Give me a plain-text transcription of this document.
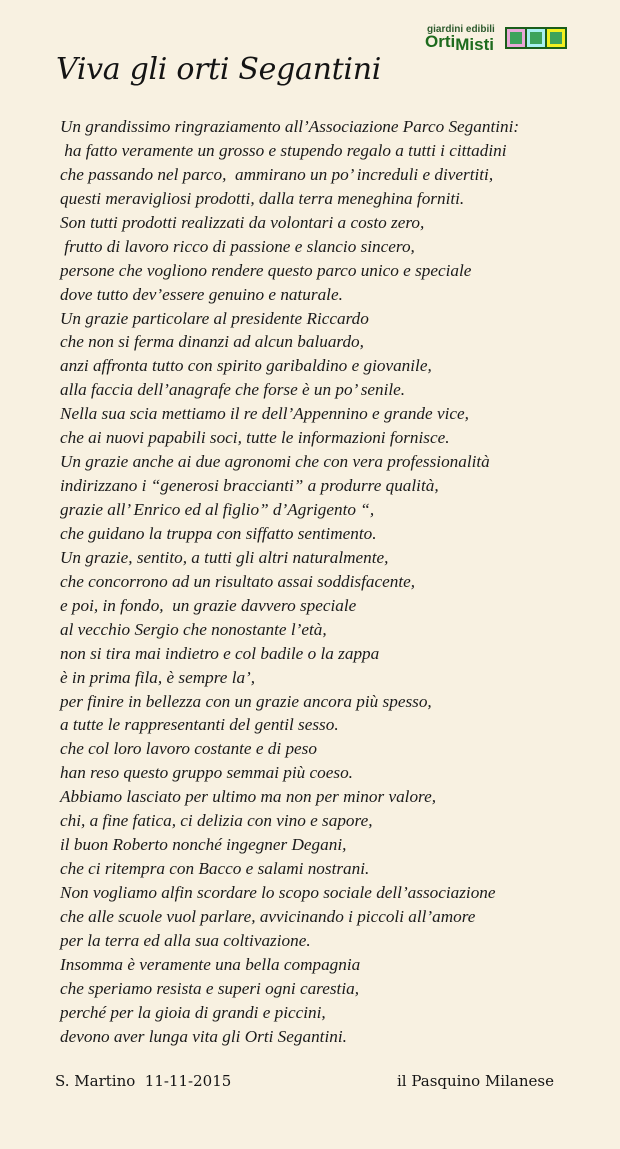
giardini edibili
OrtiMisti
Viva gli orti Segantini
Un grandissimo ringraziamento all’Associazione Parco Segantini:
ha fatto veramente un grosso e stupendo regalo a tutti i cittadini
che passando nel parco,  ammirano un po’ increduli e divertiti,
questi meravigliosi prodotti, dalla terra meneghina forniti.
Son tutti prodotti realizzati da volontari a costo zero,
frutto di lavoro ricco di passione e slancio sincero,
persone che vogliono rendere questo parco unico e speciale
dove tutto dev’essere genuino e naturale.
Un grazie particolare al presidente Riccardo
che non si ferma dinanzi ad alcun baluardo,
anzi affronta tutto con spirito garibaldino e giovanile,
alla faccia dell’anagrafe che forse è un po’ senile.
Nella sua scia mettiamo il re dell’Appennino e grande vice,
che ai nuovi papabili soci, tutte le informazioni fornisce.
Un grazie anche ai due agronomi che con vera professionalità
indirizzano i “generosi braccianti” a produrre qualità,
grazie all’ Enrico ed al figlio” d’Agrigento “,
che guidano la truppa con siffatto sentimento.
Un grazie, sentito, a tutti gli altri naturalmente,
che concorrono ad un risultato assai soddisfacente,
e poi, in fondo,  un grazie davvero speciale
al vecchio Sergio che nonostante l’età,
non si tira mai indietro e col badile o la zappa
è in prima fila, è sempre la’,
per finire in bellezza con un grazie ancora più spesso,
a tutte le rappresentanti del gentil sesso.
che col loro lavoro costante e di peso
han reso questo gruppo semmai più coeso.
Abbiamo lasciato per ultimo ma non per minor valore,
chi, a fine fatica, ci delizia con vino e sapore,
il buon Roberto nonché ingegner Degani,
che ci ritempra con Bacco e salami nostrani.
Non vogliamo alfin scordare lo scopo sociale dell’associazione
che alle scuole vuol parlare, avvicinando i piccoli all’amore
per la terra ed alla sua coltivazione.
Insomma è veramente una bella compagnia
che speriamo resista e superi ogni carestia,
perché per la gioia di grandi e piccini,
devono aver lunga vita gli Orti Segantini.
S. Martino  11-11-2015	il Pasquino Milanese
